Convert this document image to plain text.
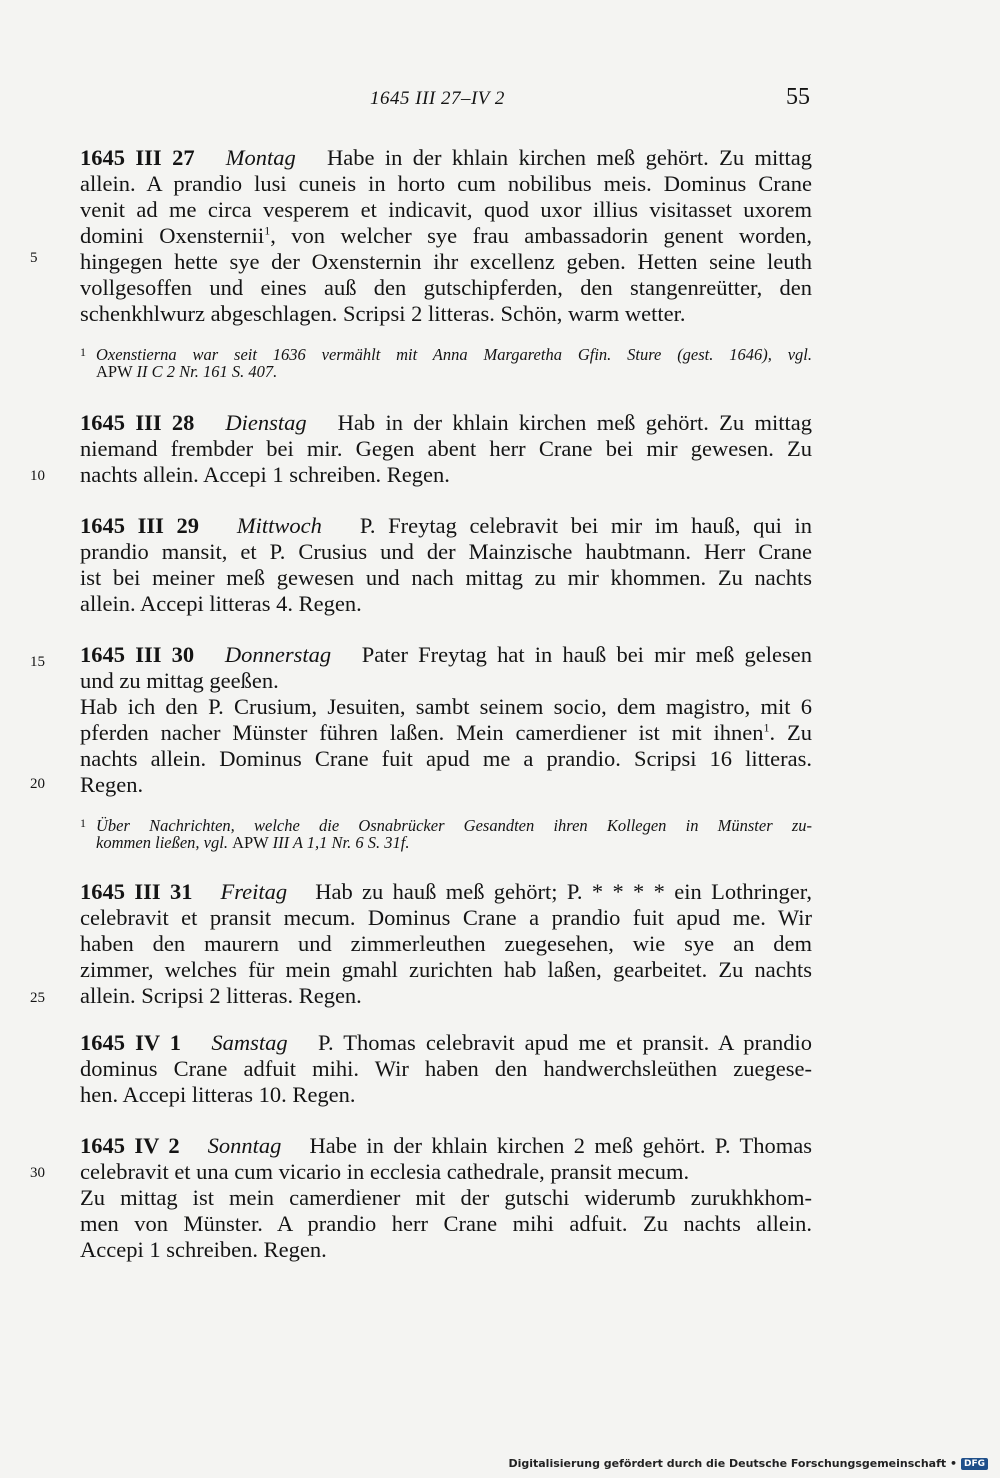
1645 III 27–IV 2	55
5
10
15
20
25
30
1645 III 27 Montag Habe in der khlain kirchen meß gehört. Zu mittag
allein. A prandio lusi cuneis in horto cum nobilibus meis. Dominus Crane
venit ad me circa vesperem et indicavit, quod uxor illius visitasset uxorem
domini Oxensternii$^1$, von welcher sye frau ambassadorin genent worden,
hingegen hette sye der Oxensternin ihr excellenz geben. Hetten seine leuth
vollgesoffen und eines auß den gutschipferden, den stangenreütter, den
schenkhlwurz abgeschlagen. Scripsi 2 litteras. Schön, warm wetter.
1 Oxenstierna war seit 1636 vermählt mit Anna Margaretha Gfin. Sture (gest. 1646), vgl.
APW II C 2 Nr. 161 S. 407.
1645 III 28 Dienstag Hab in der khlain kirchen meß gehört. Zu mittag
niemand frembder bei mir. Gegen abent herr Crane bei mir gewesen. Zu
nachts allein. Accepi 1 schreiben. Regen.
1645 III 29 Mittwoch P. Freytag celebravit bei mir im hauß, qui in
prandio mansit, et P. Crusius und der Mainzische haubtmann. Herr Crane
ist bei meiner meß gewesen und nach mittag zu mir khommen. Zu nachts
allein. Accepi litteras 4. Regen.
1645 III 30 Donnerstag Pater Freytag hat in hauß bei mir meß gelesen
und zu mittag geeßen.
Hab ich den P. Crusium, Jesuiten, sambt seinem socio, dem magistro, mit 6
pferden nacher Münster führen laßen. Mein camerdiener ist mit ihnen$^1$. Zu
nachts allein. Dominus Crane fuit apud me a prandio. Scripsi 16 litteras.
Regen.
1 Über Nachrichten, welche die Osnabrücker Gesandten ihren Kollegen in Münster zu-
kommen ließen, vgl. APW III A 1,1 Nr. 6 S. 31f.
1645 III 31 Freitag Hab zu hauß meß gehört; P. * * * * ein Lothringer,
celebravit et pransit mecum. Dominus Crane a prandio fuit apud me. Wir
haben den maurern und zimmerleuthen zuegesehen, wie sye an dem
zimmer, welches für mein gmahl zurichten hab laßen, gearbeitet. Zu nachts
allein. Scripsi 2 litteras. Regen.
1645 IV 1 Samstag P. Thomas celebravit apud me et pransit. A prandio
dominus Crane adfuit mihi. Wir haben den handwerchsleüthen zuegese-
hen. Accepi litteras 10. Regen.
1645 IV 2 Sonntag Habe in der khlain kirchen 2 meß gehört. P. Thomas
celebravit et una cum vicario in ecclesia cathedrale, pransit mecum.
Zu mittag ist mein camerdiener mit der gutschi widerumb zurukhkhom-
men von Münster. A prandio herr Crane mihi adfuit. Zu nachts allein.
Accepi 1 schreiben. Regen.
Digitalisierung gefördert durch die Deutsche Forschungsgemeinschaft • DFG
